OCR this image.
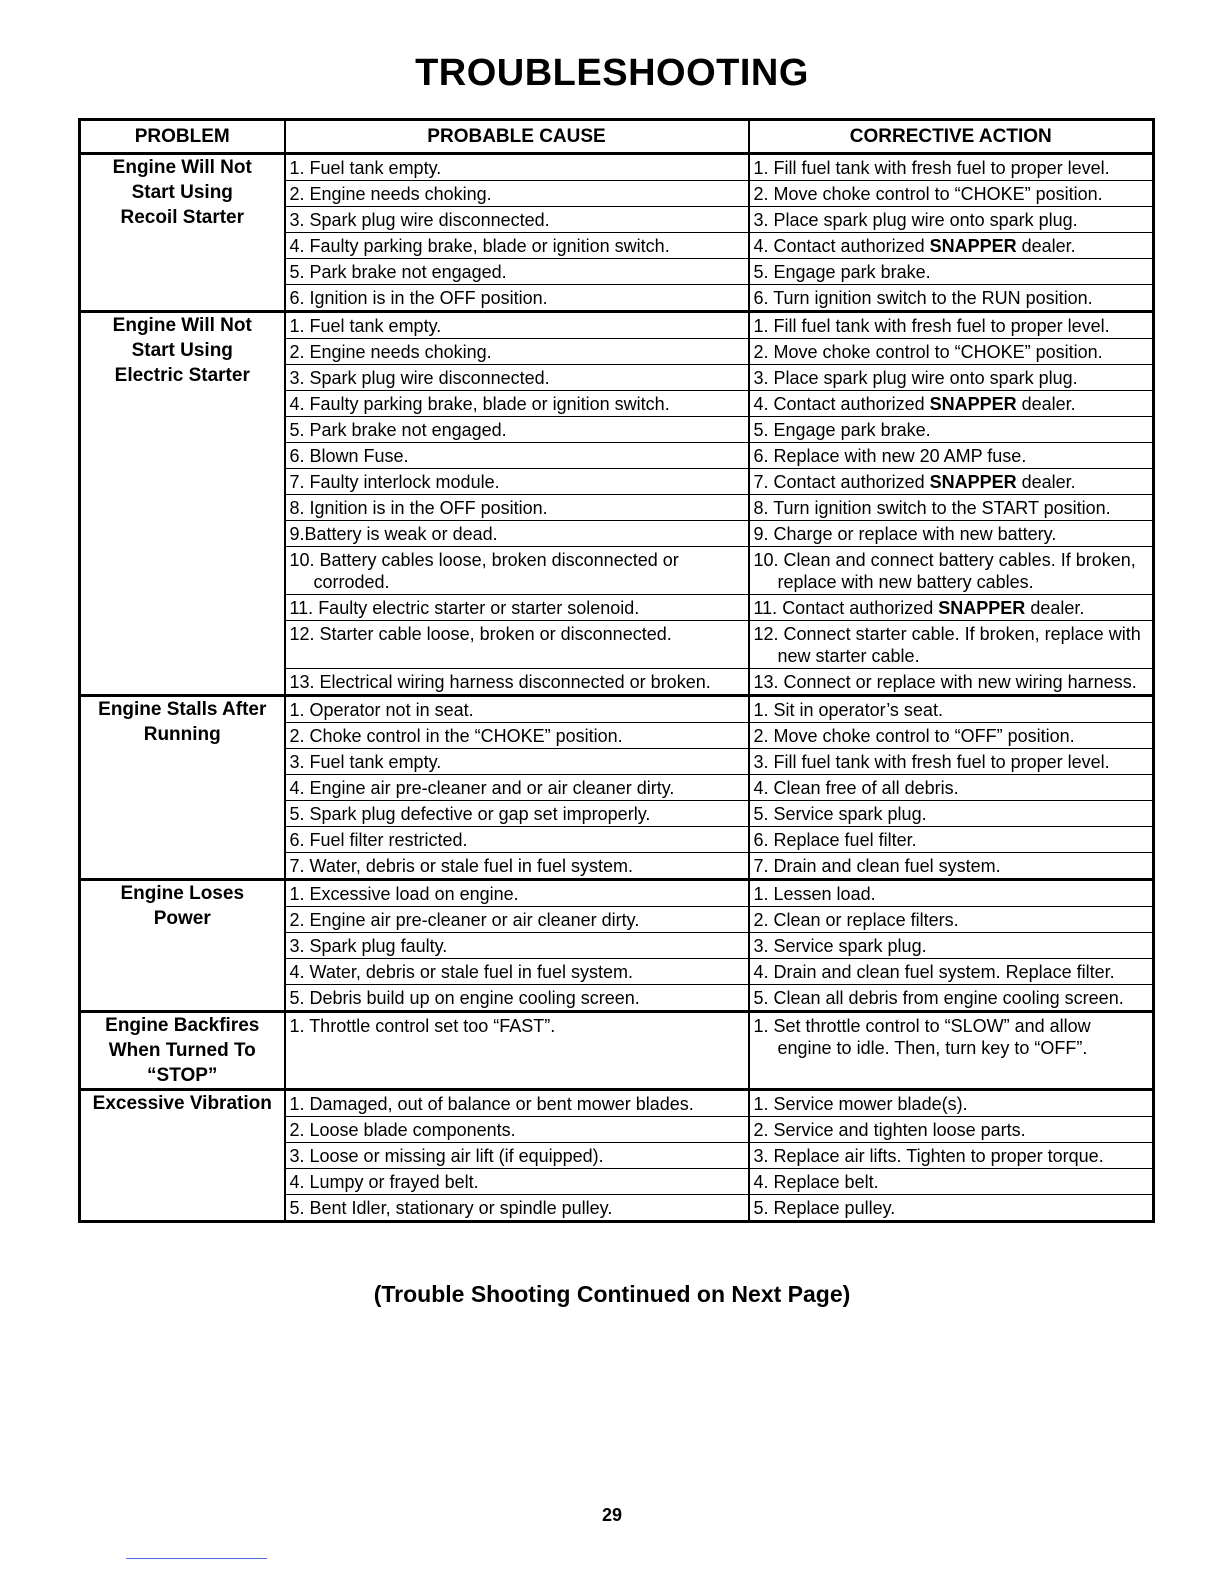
TROUBLESHOOTING
PROBLEM	PROBABLE CAUSE	CORRECTIVE ACTION

Engine Will Not
Start Using
Recoil Starter	1. Fuel tank empty.	1. Fill fuel tank with fresh fuel to proper level.
	2. Engine needs choking.	2. Move choke control to “CHOKE” position.
	3. Spark plug wire disconnected.	3. Place spark plug wire onto spark plug.
	4. Faulty parking brake, blade or ignition switch.	4. Contact authorized SNAPPER dealer.
	5. Park brake not engaged.	5. Engage park brake.
	6. Ignition is in the OFF position.	6. Turn ignition switch to the RUN position.

Engine Will Not
Start Using
Electric Starter	1. Fuel tank empty.	1. Fill fuel tank with fresh fuel to proper level.
	2. Engine needs choking.	2. Move choke control to “CHOKE” position.
	3. Spark plug wire disconnected.	3. Place spark plug wire onto spark plug.
	4. Faulty parking brake, blade or ignition switch.	4. Contact authorized SNAPPER dealer.
	5. Park brake not engaged.	5. Engage park brake.
	6. Blown Fuse.	6. Replace with new 20 AMP fuse.
	7. Faulty interlock module.	7. Contact authorized SNAPPER dealer.
	8. Ignition is in the OFF position.	8. Turn ignition switch to the START position.
	9.Battery is weak or dead.	9. Charge or replace with new battery.
	10. Battery cables loose, broken disconnected or corroded.	10. Clean and connect battery cables. If broken, replace with new battery cables.
	11. Faulty electric starter or starter solenoid.	11. Contact authorized SNAPPER dealer.
	12. Starter cable loose, broken or disconnected.	12. Connect starter cable. If broken, replace with new starter cable.
	13. Electrical wiring harness disconnected or broken.	13. Connect or replace with new wiring harness.

Engine Stalls After
Running	1. Operator not in seat.	1. Sit in operator’s seat.
	2. Choke control in the “CHOKE” position.	2. Move choke control to “OFF” position.
	3. Fuel tank empty.	3. Fill fuel tank with fresh fuel to proper level.
	4. Engine air pre-cleaner and or air cleaner dirty.	4. Clean free of all debris.
	5. Spark plug defective or gap set improperly.	5. Service spark plug.
	6. Fuel filter restricted.	6. Replace fuel filter.
	7. Water, debris or stale fuel in fuel system.	7. Drain and clean fuel system.

Engine Loses
Power	1. Excessive load on engine.	1. Lessen load.
	2. Engine air pre-cleaner or air cleaner dirty.	2. Clean or replace filters.
	3. Spark plug faulty.	3. Service spark plug.
	4. Water, debris or stale fuel in fuel system.	4. Drain and clean fuel system. Replace filter.
	5. Debris build up on engine cooling screen.	5. Clean all debris from engine cooling screen.

Engine Backfires
When Turned To
“STOP”	1. Throttle control set too “FAST”.	1. Set throttle control to “SLOW” and allow engine to idle. Then, turn key to “OFF”.

Excessive Vibration	1. Damaged, out of balance or bent mower blades.	1. Service mower blade(s).
	2. Loose blade components.	2. Service and tighten loose parts.
	3. Loose or missing air lift (if equipped).	3. Replace air lifts. Tighten to proper torque.
	4. Lumpy or frayed belt.	4. Replace belt.
	5. Bent Idler, stationary or spindle pulley.	5. Replace pulley.
(Trouble Shooting Continued on Next Page)
29
